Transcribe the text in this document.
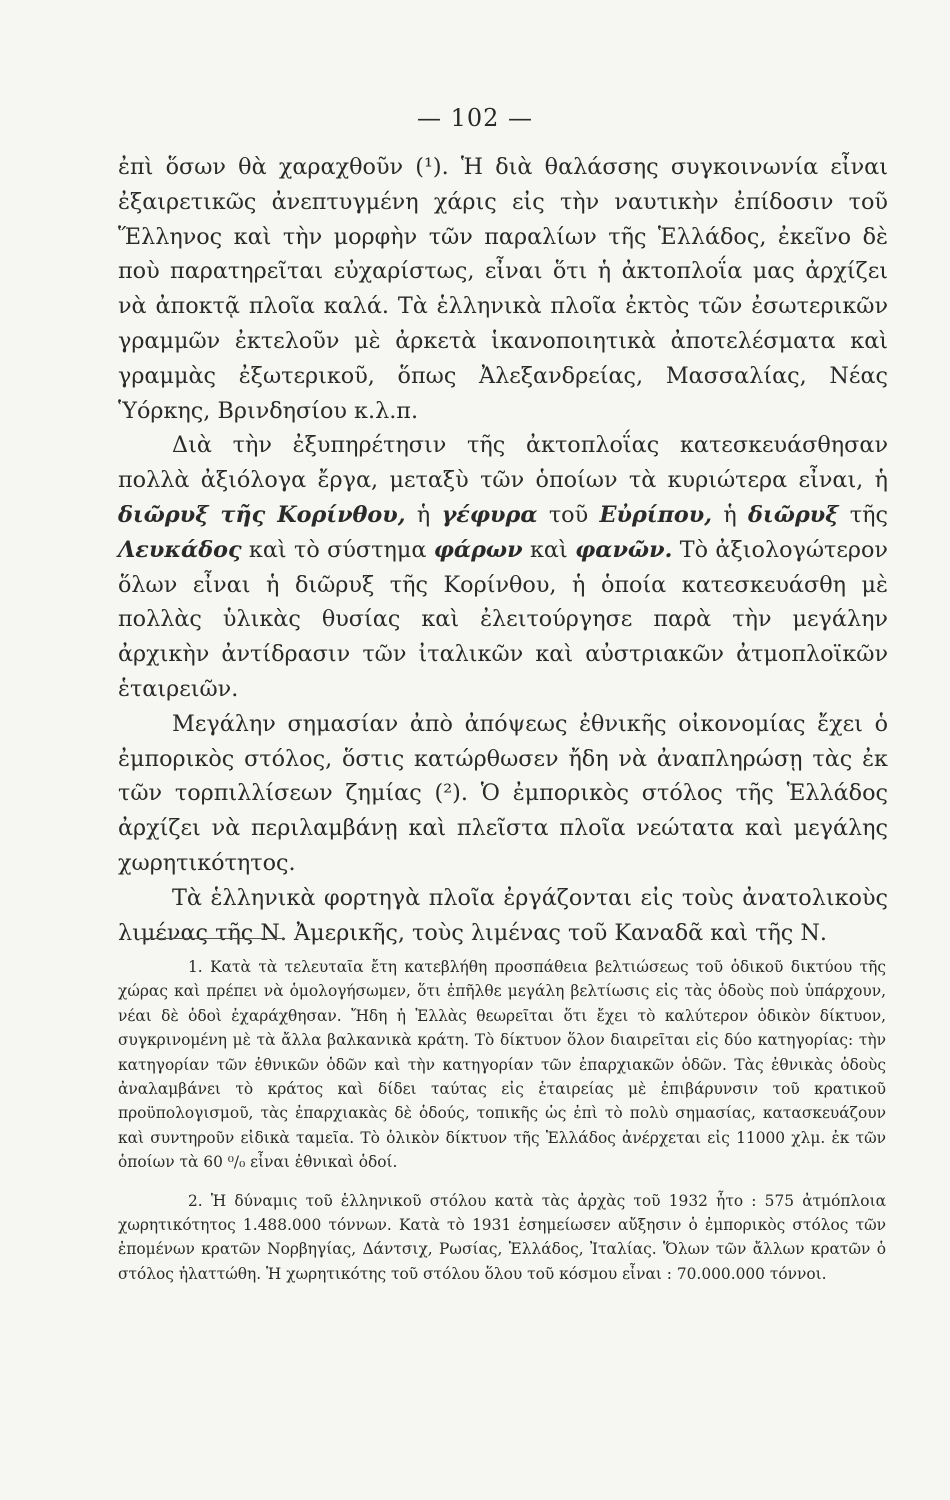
— 102 —

ἐπὶ ὅσων θὰ χαραχθοῦν (¹). Ἡ διὰ θαλάσσης συγκοινωνία εἶναι ἐξαιρετικῶς ἀνεπτυγμένη χάρις εἰς τὴν ναυτικὴν ἐπίδοσιν τοῦ Ἕλληνος καὶ τὴν μορφὴν τῶν παραλίων τῆς Ἑλλάδος, ἐκεῖνο δὲ ποὺ παρατηρεῖται εὐχαρίστως, εἶναι ὅτι ἡ ἀκτοπλοΐα μας ἀρχίζει νὰ ἀποκτᾷ πλοῖα καλά. Τὰ ἑλληνικὰ πλοῖα ἐκτὸς τῶν ἐσωτερικῶν γραμμῶν ἐκτελοῦν μὲ ἀρκετὰ ἱκανοποιητικὰ ἀποτελέσματα καὶ γραμμὰς ἐξωτερικοῦ, ὅπως Ἀλεξανδρείας, Μασσαλίας, Νέας Ὑόρκης, Βρινδησίου κ.λ.π.

Διὰ τὴν ἐξυπηρέτησιν τῆς ἀκτοπλοΐας κατεσκευάσθησαν πολλὰ ἀξιόλογα ἔργα, μεταξὺ τῶν ὁποίων τὰ κυριώτερα εἶναι, ἡ διῶρυξ τῆς Κορίνθου, ἡ γέφυρα τοῦ Εὐρίπου, ἡ διῶρυξ τῆς Λευκάδος καὶ τὸ σύστημα φάρων καὶ φανῶν. Τὸ ἀξιολογώτερον ὅλων εἶναι ἡ διῶρυξ τῆς Κορίνθου, ἡ ὁποία κατεσκευάσθη μὲ πολλὰς ὑλικὰς θυσίας καὶ ἐλειτούργησε παρὰ τὴν μεγάλην ἀρχικὴν ἀντίδρασιν τῶν ἰταλικῶν καὶ αὐστριακῶν ἀτμοπλοϊκῶν ἑταιρειῶν.

Μεγάλην σημασίαν ἀπὸ ἀπόψεως ἐθνικῆς οἰκονομίας ἔχει ὁ ἐμπορικὸς στόλος, ὅστις κατώρθωσεν ἤδη νὰ ἀναπληρώσῃ τὰς ἐκ τῶν τορπιλλίσεων ζημίας (²). Ὁ ἐμπορικὸς στόλος τῆς Ἑλλάδος ἀρχίζει νὰ περιλαμβάνῃ καὶ πλεῖστα πλοῖα νεώτατα καὶ μεγάλης χωρητικότητος.

Τὰ ἑλληνικὰ φορτηγὰ πλοῖα ἐργάζονται εἰς τοὺς ἀνατολικοὺς λιμένας τῆς Ν. Ἀμερικῆς, τοὺς λιμένας τοῦ Καναδᾶ καὶ τῆς Ν.

1. Κατὰ τὰ τελευταῖα ἔτη κατεβλήθη προσπάθεια βελτιώσεως τοῦ ὁδικοῦ δικτύου τῆς χώρας καὶ πρέπει νὰ ὁμολογήσωμεν, ὅτι ἐπῆλθε μεγάλη βελτίωσις εἰς τὰς ὁδοὺς ποὺ ὑπάρχουν, νέαι δὲ ὁδοὶ ἐχαράχθησαν. Ἤδη ἡ Ἑλλὰς θεωρεῖται ὅτι ἔχει τὸ καλύτερον ὁδικὸν δίκτυον, συγκρινομένη μὲ τὰ ἄλλα βαλκανικὰ κράτη. Τὸ δίκτυον ὅλον διαιρεῖται εἰς δύο κατηγορίας: τὴν κατηγορίαν τῶν ἐθνικῶν ὁδῶν καὶ τὴν κατηγορίαν τῶν ἐπαρχιακῶν ὁδῶν. Τὰς ἐθνικὰς ὁδοὺς ἀναλαμβάνει τὸ κράτος καὶ δίδει ταύτας εἰς ἑταιρείας μὲ ἐπιβάρυνσιν τοῦ κρατικοῦ προϋπολογισμοῦ, τὰς ἐπαρχιακὰς δὲ ὁδούς, τοπικῆς ὡς ἐπὶ τὸ πολὺ σημασίας, κατασκευάζουν καὶ συντηροῦν εἰδικὰ ταμεῖα. Τὸ ὁλικὸν δίκτυον τῆς Ἑλλάδος ἀνέρχεται εἰς 11000 χλμ. ἐκ τῶν ὁποίων τὰ 60 ⁰/₀ εἶναι ἐθνικαὶ ὁδοί.

2. Ἡ δύναμις τοῦ ἑλληνικοῦ στόλου κατὰ τὰς ἀρχὰς τοῦ 1932 ἦτο : 575 ἀτμόπλοια χωρητικότητος 1.488.000 τόννων. Κατὰ τὸ 1931 ἐσημείωσεν αὔξησιν ὁ ἐμπορικὸς στόλος τῶν ἑπομένων κρατῶν Νορβηγίας, Δάντσιχ, Ρωσίας, Ἑλλάδος, Ἰταλίας. Ὅλων τῶν ἄλλων κρατῶν ὁ στόλος ἠλαττώθη. Ἡ χωρητικότης τοῦ στόλου ὅλου τοῦ κόσμου εἶναι : 70.000.000 τόννοι.
